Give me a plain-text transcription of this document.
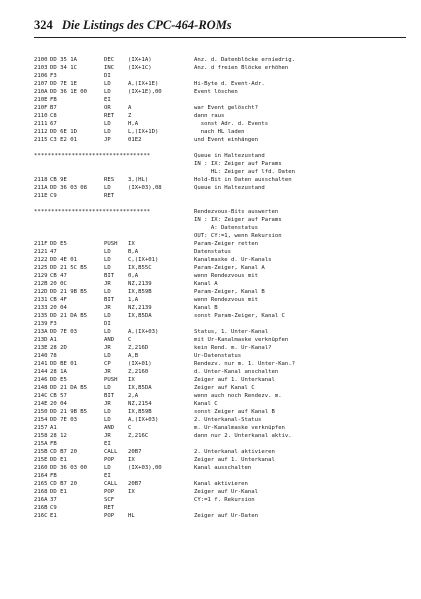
324 Die Listings des CPC-464-ROMs
2100 DD 35 1A	DEC	(IX+1A)	Anz. d. Datenblöcke erniedrig.
2103 DD 34 1C	INC	(IX+1C)	Anz. d freien Blöcke erhöhen
2106 F3	DI
2107 DD 7E 1E	LD	A,(IX+1E)	Hi-Byte d. Event-Adr.
210A DD 36 1E 00	LD	(IX+1E),00	Event löschen
210E FB	EI
210F B7	OR	A	war Event gelöscht?
2110 C8	RET	Z	dann raus
2111 67	LD	H,A	sonst Adr. d. Events
2112 DD 6E 1D	LD	L,(IX+1D)	nach HL laden
2115 C3 E2 01	JP	01E2	und Event einhängen
**********************************	Queue in Haltezustand
IN : IX: Zeiger auf Params
HL: Zeiger auf lfd. Daten
2118 CB 9E	RES	3,(HL)	Hold-Bit in Daten ausschalten
211A DD 36 03 08	LD	(IX+03),08	Queue in Haltezustand
211E C9	RET
**********************************	Rendezvous-Bits auswerten
IN : IX: Zeiger auf Params
A: Datenstatus
OUT: CY:=1, wenn Rekursion
211F DD E5	PUSH	IX	Param-Zeiger retten
2121 47	LD	B,A	Datenstatus
2122 DD 4E 01	LD	C,(IX+01)	Kanalmaske d. Ur-Kanals
2125 DD 21 5C B5	LD	IX,B55C	Param-Zeiger, Kanal A
2129 CB 47	BIT	0,A	wenn Rendezvous mit
212B 20 0C	JR	NZ,2139	Kanal A
212D DD 21 9B B5	LD	IX,B59B	Param-Zeiger, Kanal B
2131 CB 4F	BIT	1,A	wenn Rendezvous mit
2133 20 04	JR	NZ,2139	Kanal B
2135 DD 21 DA B5	LD	IX,B5DA	sonst Param-Zeiger, Kanal C
2139 F3	DI
213A DD 7E 03	LD	A,(IX+03)	Status, 1. Unter-Kanal
213D A1	AND	C	mit Ur-Kanalmaske verknüpfen
213E 28 2D	JR	Z,216D	kein Rend. m. Ur-Kanal?
2140 78	LD	A,B	Ur-Datenstatus
2141 DD BE 01	CP	(IX+01)	Rendezv. nur m. 1. Unter-Kan.?
2144 28 1A	JR	Z,2160	d. Unter-Kanal anschalten
2146 DD E5	PUSH	IX	Zeiger auf 1. Unterkanal
2148 DD 21 DA B5	LD	IX,B5DA	Zeiger auf Kanal C
214C CB 57	BIT	2,A	wenn auch noch Rendezv. m.
214E 20 04	JR	NZ,2154	Kanal C
2150 DD 21 9B B5	LD	IX,B59B	sonst Zeiger auf Kanal B
2154 DD 7E 03	LD	A,(IX+03)	2. Unterkanal-Status
2157 A1	AND	C	m. Ur-Kanalmaske verknüpfen
2158 28 12	JR	Z,216C	dann nur 2. Unterkanal aktiv.
215A FB	EI
215B CD B7 20	CALL	20B7	2. Unterkanal aktivieren
215E DD E1	POP	IX	Zeiger auf 1. Unterkanal
2160 DD 36 03 00	LD	(IX+03),00	Kanal ausschalten
2164 FB	EI
2165 CD B7 20	CALL	20B7	Kanal aktivieren
2168 DD E1	POP	IX	Zeiger auf Ur-Kanal
216A 37	SCF	CY:=1 f. Rekursion
216B C9	RET
216C E1	POP	HL	Zeiger auf Ur-Daten
